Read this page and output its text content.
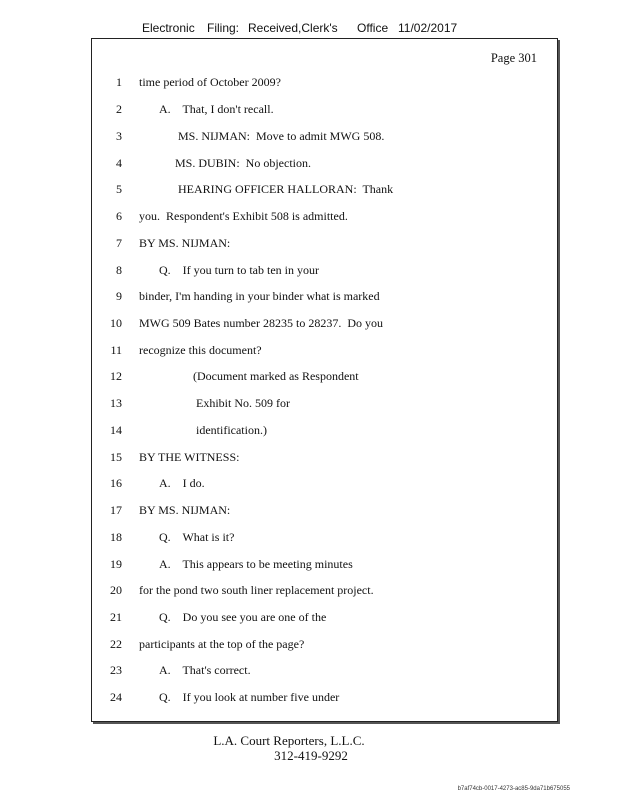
Electronic Filing: Received,Clerk's Office 11/02/2017
Page 301
1 time period of October 2009?
2	A.    That, I don't recall.
3	MS. NIJMAN:  Move to admit MWG 508.
4	MS. DUBIN:  No objection.
5	HEARING OFFICER HALLORAN:  Thank
6 you.  Respondent's Exhibit 508 is admitted.
7 BY MS. NIJMAN:
8	Q.    If you turn to tab ten in your
9 binder, I'm handing in your binder what is marked
10 MWG 509 Bates number 28235 to 28237.  Do you
11 recognize this document?
12	(Document marked as Respondent
13	Exhibit No. 509 for
14	identification.)
15 BY THE WITNESS:
16	A.    I do.
17 BY MS. NIJMAN:
18	Q.    What is it?
19	A.    This appears to be meeting minutes
20 for the pond two south liner replacement project.
21	Q.    Do you see you are one of the
22 participants at the top of the page?
23	A.    That's correct.
24	Q.    If you look at number five under
L.A. Court Reporters, L.L.C.
312-419-9292
b7af74cb-0017-4273-ac85-9da71b675055
